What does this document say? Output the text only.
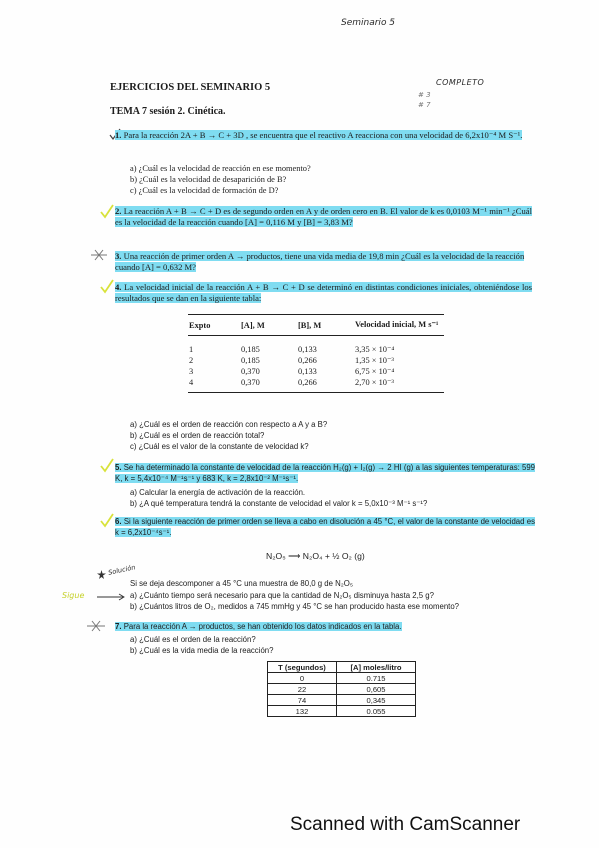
Seminario 5
COMPLETO
# 3
# 7
EJERCICIOS DEL SEMINARIO 5
TEMA 7 sesión 2. Cinética.
1. Para la reacción 2A + B → C + 3D , se encuentra que el reactivo A reacciona con una velocidad de 6,2x10⁻⁴ M S⁻¹.
a) ¿Cuál es la velocidad de reacción en ese momento?
b) ¿Cuál es la velocidad de desaparición de B?
c) ¿Cuál es la velocidad de formación de D?
2. La reacción A + B → C + D es de segundo orden en A y de orden cero en B. El valor de k es 0,0103 M⁻¹ min⁻¹ ¿Cuál es la velocidad de la reacción cuando [A] = 0,116 M y [B] = 3,83 M?
3. Una reacción de primer orden A → productos, tiene una vida media de 19,8 min ¿Cuál es la velocidad de la reacción cuando [A] = 0,632 M?
4. La velocidad inicial de la reacción A + B → C + D se determinó en distintas condiciones iniciales, obteniéndose los resultados que se dan en la siguiente tabla:
Expto	[A], M	[B], M	Velocidad inicial, M s⁻¹
1	0,185	0,133	3,35 × 10⁻⁴
2	0,185	0,266	1,35 × 10⁻³
3	0,370	0,133	6,75 × 10⁻⁴
4	0,370	0,266	2,70 × 10⁻³
a) ¿Cuál es el orden de reacción con respecto a A y a B?
b) ¿Cuál es el orden de reacción total?
c) ¿Cuál es el valor de la constante de velocidad k?
5. Se ha determinado la constante de velocidad de la reacción H₂(g) + I₂(g) → 2 HI (g) a las siguientes temperaturas: 599 K, k = 5,4x10⁻⁴ M⁻¹s⁻¹ y 683 K, k = 2,8x10⁻² M⁻¹s⁻¹.
a) Calcular la energía de activación de la reacción.
b) ¿A qué temperatura tendrá la constante de velocidad el valor k = 5,0x10⁻³ M⁻¹ s⁻¹?
6. Si la siguiente reacción de primer orden se lleva a cabo en disolución a 45 °C, el valor de la constante de velocidad es k = 6,2x10⁻⁴s⁻¹.
N₂O₅ ⟶ N₂O₄ + ½ O₂ (g)
Solución
Si se deja descomponer a 45 °C una muestra de 80,0 g de N₂O₅
Sigue	a) ¿Cuánto tiempo será necesario para que la cantidad de N₂O₅ disminuya hasta 2,5 g?
b) ¿Cuántos litros de O₂, medidos a 745 mmHg y 45 °C se han producido hasta ese momento?
7. Para la reacción A → productos, se han obtenido los datos indicados en la tabla.
a) ¿Cuál es el orden de la reacción?
b) ¿Cuál es la vida media de la reacción?
T (segundos)	[A] moles/litro
0	0.715
22	0,605
74	0,345
132	0.055
Scanned with CamScanner
